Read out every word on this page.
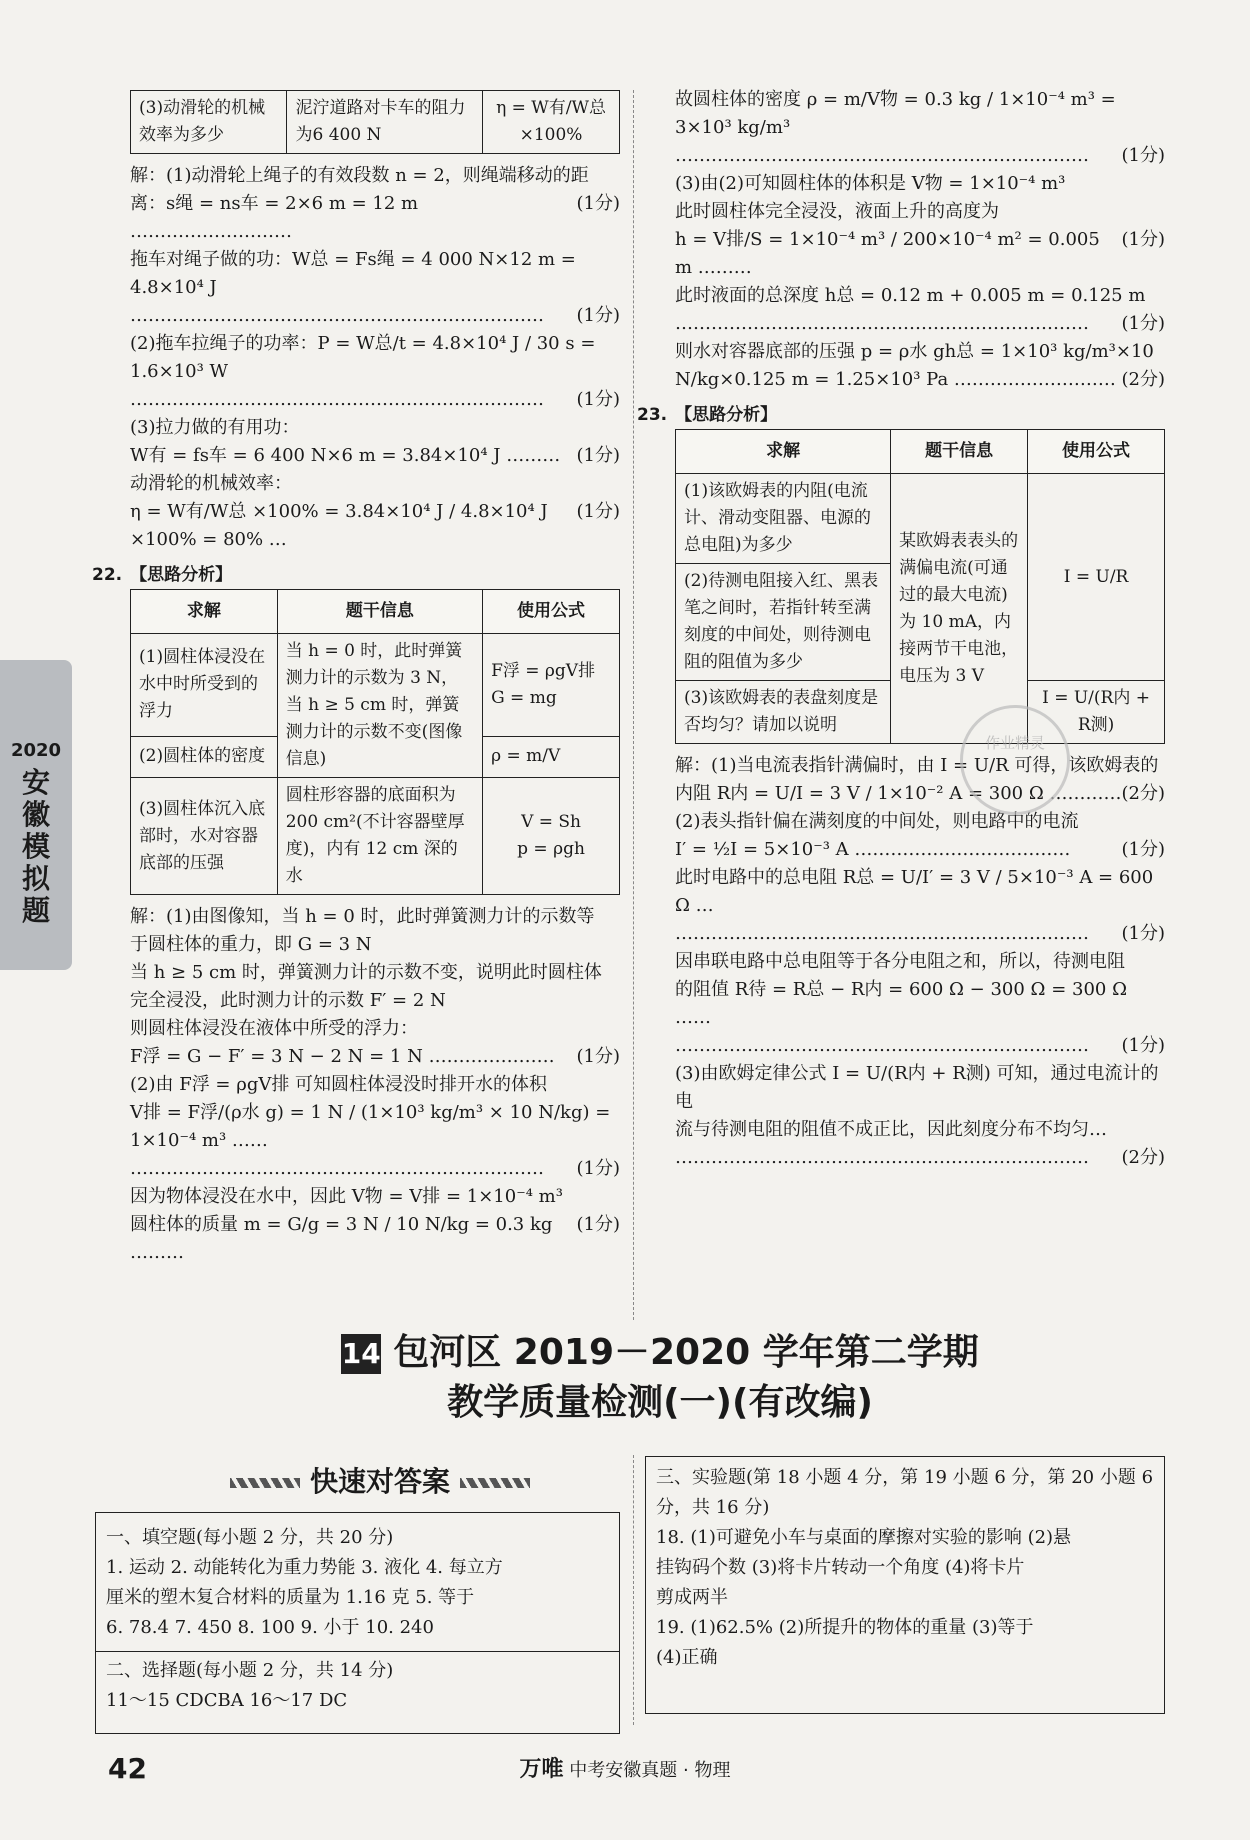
2020
安徽模拟题
(3)动滑轮的机械效率为多少	泥泞道路对卡车的阻力为6 400 N	η = W有/W总 ×100%
解：(1)动滑轮上绳子的有效段数 n = 2，则绳端移动的距
离：s绳 = ns车 = 2×6 m = 12 m ………………………
(1分)
拖车对绳子做的功：W总 = Fs绳 = 4 000 N×12 m = 4.8×10⁴ J
…………………………………………………………… (1分)
(2)拖车拉绳子的功率：P = W总/t = 4.8×10⁴ J / 30 s = 1.6×10³ W
…………………………………………………………… (1分)
(3)拉力做的有用功：
W有 = fs车 = 6 400 N×6 m = 3.84×10⁴ J ……… (1分)
动滑轮的机械效率：
η = W有/W总 ×100% = 3.84×10⁴ J / 4.8×10⁴ J ×100% = 80% …
(1分)
22. 【思路分析】
求解	题干信息	使用公式
(1)圆柱体浸没在水中时所受到的浮力	当 h = 0 时，此时弹簧测力计的示数为 3 N，当 h ≥ 5 cm 时，弹簧测力计的示数不变(图像信息)	F浮 = ρgV排
G = mg
(2)圆柱体的密度		ρ = m/V
(3)圆柱体沉入底部时，水对容器底部的压强	圆柱形容器的底面积为 200 cm²(不计容器壁厚度)，内有 12 cm 深的水	V = Sh
p = ρgh
解：(1)由图像知，当 h = 0 时，此时弹簧测力计的示数等
于圆柱体的重力，即 G = 3 N
当 h ≥ 5 cm 时，弹簧测力计的示数不变，说明此时圆柱体
完全浸没，此时测力计的示数 F′ = 2 N
则圆柱体浸没在液体中所受的浮力：
F浮 = G − F′ = 3 N − 2 N = 1 N ………………… (1分)
(2)由 F浮 = ρgV排 可知圆柱体浸没时排开水的体积
V排 = F浮/(ρ水 g) = 1 N / (1×10³ kg/m³ × 10 N/kg) = 1×10⁻⁴ m³ ……
…………………………………………………………… (1分)
因为物体浸没在水中，因此 V物 = V排 = 1×10⁻⁴ m³
圆柱体的质量 m = G/g = 3 N / 10 N/kg = 0.3 kg ………
(1分)
故圆柱体的密度 ρ = m/V物 = 0.3 kg / 1×10⁻⁴ m³ = 3×10³ kg/m³
…………………………………………………………… (1分)
(3)由(2)可知圆柱体的体积是 V物 = 1×10⁻⁴ m³
此时圆柱体完全浸没，液面上升的高度为
h = V排/S = 1×10⁻⁴ m³ / 200×10⁻⁴ m² = 0.005 m ………
(1分)
此时液面的总深度 h总 = 0.12 m + 0.005 m = 0.125 m
…………………………………………………………… (1分)
则水对容器底部的压强 p = ρ水 gh总 = 1×10³ kg/m³×10
N/kg×0.125 m = 1.25×10³ Pa ……………………… (2分)
23. 【思路分析】
求解	题干信息	使用公式
(1)该欧姆表的内阻(电流计、滑动变阻器、电源的总电阻)为多少	某欧姆表表头的满偏电流(可通过的最大电流)为 10 mA，内接两节干电池，电压为 3 V	I = U/R
(2)待测电阻接入红、黑表笔之间时，若指针转至满刻度的中间处，则待测电阻的阻值为多少		
(3)该欧姆表的表盘刻度是否均匀？请加以说明		I = U/(R内 + R测)
解：(1)当电流表指针满偏时，由 I = U/R 可得，该欧姆表的
内阻 R内 = U/I = 3 V / 1×10⁻² A = 300 Ω ………… (2分)
(2)表头指针偏在满刻度的中间处，则电路中的电流
I′ = ½I = 5×10⁻³ A ………………………………	(1分)
此时电路中的总电阻 R总 = U/I′ = 3 V / 5×10⁻³ A = 600 Ω …
…………………………………………………………… (1分)
因串联电路中总电阻等于各分电阻之和，所以，待测电阻
的阻值 R待 = R总 − R内 = 600 Ω − 300 Ω = 300 Ω ……
…………………………………………………………… (1分)
(3)由欧姆定律公式 I = U/(R内 + R测) 可知，通过电流计的电
流与待测电阻的阻值不成正比，因此刻度分布不均匀…
…………………………………………………………… (2分)
作业精灵
14 包河区 2019－2020 学年第二学期
教学质量检测(一)(有改编)
快速对答案

一、填空题(每小题 2 分，共 20 分)

1. 运动 2. 动能转化为重力势能 3. 液化 4. 每立方

厘米的塑木复合材料的质量为 1.16 克 5. 等于

6. 78.4 7. 450 8. 100 9. 小于 10. 240

二、选择题(每小题 2 分，共 14 分)

11～15 CDCBA 16～17 DC

三、实验题(第 18 小题 4 分，第 19 小题 6 分，第 20 小题 6 分，共 16 分)

18. (1)可避免小车与桌面的摩擦对实验的影响 (2)悬

挂钩码个数 (3)将卡片转动一个角度 (4)将卡片

剪成两半

19. (1)62.5% (2)所提升的物体的重量 (3)等于

(4)正确

42	万唯 中考安徽真题 · 物理
